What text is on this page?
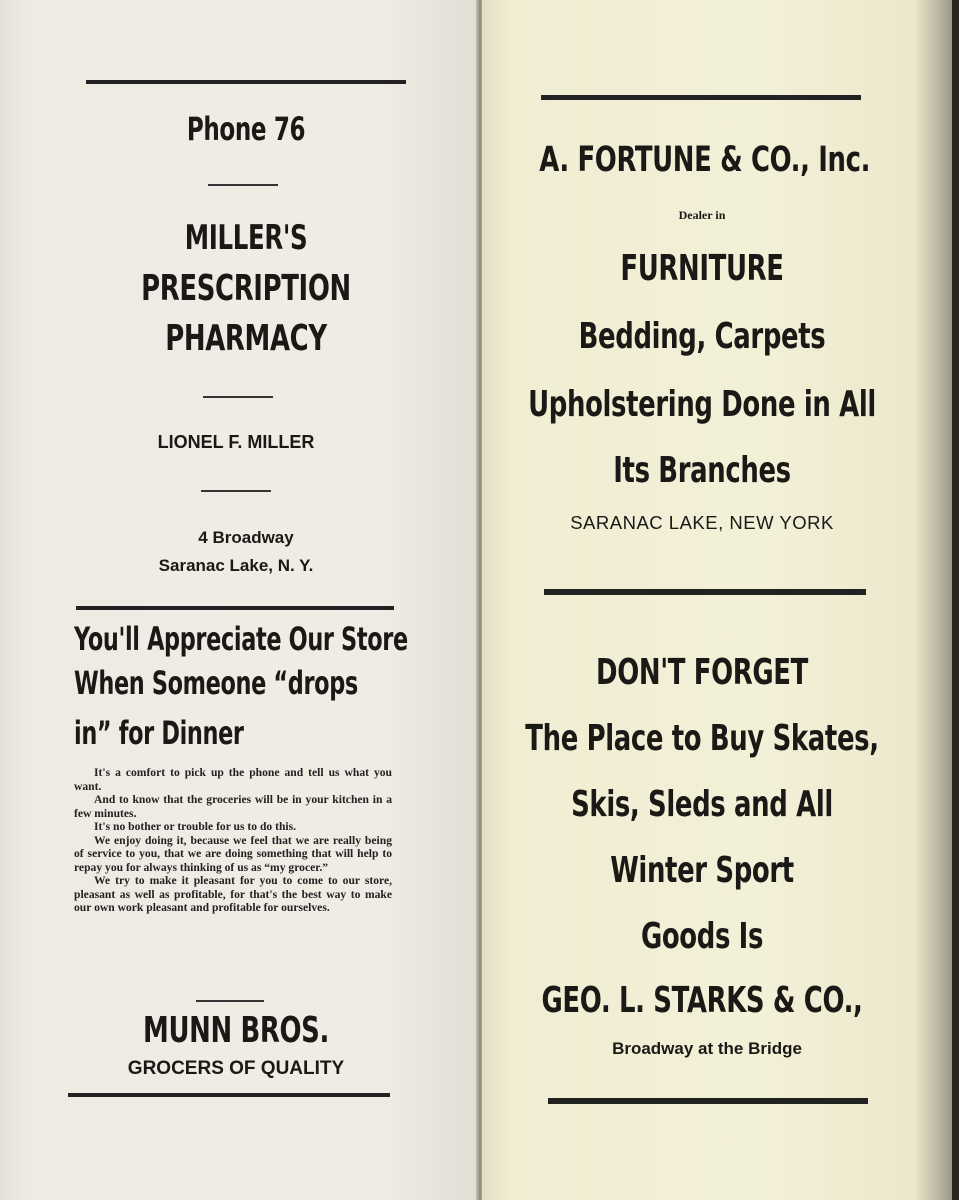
Phone 76
MILLER'S
PRESCRIPTION
PHARMACY
LIONEL F. MILLER
4 Broadway
Saranac Lake, N. Y.
You'll Appreciate Our Store
When Someone “drops
in” for Dinner

It's a comfort to pick up the phone and tell us what you want.

And to know that the groceries will be in your kitchen in a few minutes.

It's no bother or trouble for us to do this.

We enjoy doing it, because we feel that we are really being of service to you, that we are doing something that will help to repay you for always thinking of us as “my grocer.”

We try to make it pleasant for you to come to our store, pleasant as well as profitable, for that's the best way to make our own work pleasant and profitable for ourselves.

MUNN BROS.
GROCERS OF QUALITY
A. FORTUNE & CO., Inc.
Dealer in
FURNITURE
Bedding, Carpets
Upholstering Done in All
Its Branches
SARANAC LAKE, NEW YORK
DON'T FORGET
The Place to Buy Skates,
Skis, Sleds and All
Winter Sport
Goods Is
GEO. L. STARKS & CO.,
Broadway at the Bridge
